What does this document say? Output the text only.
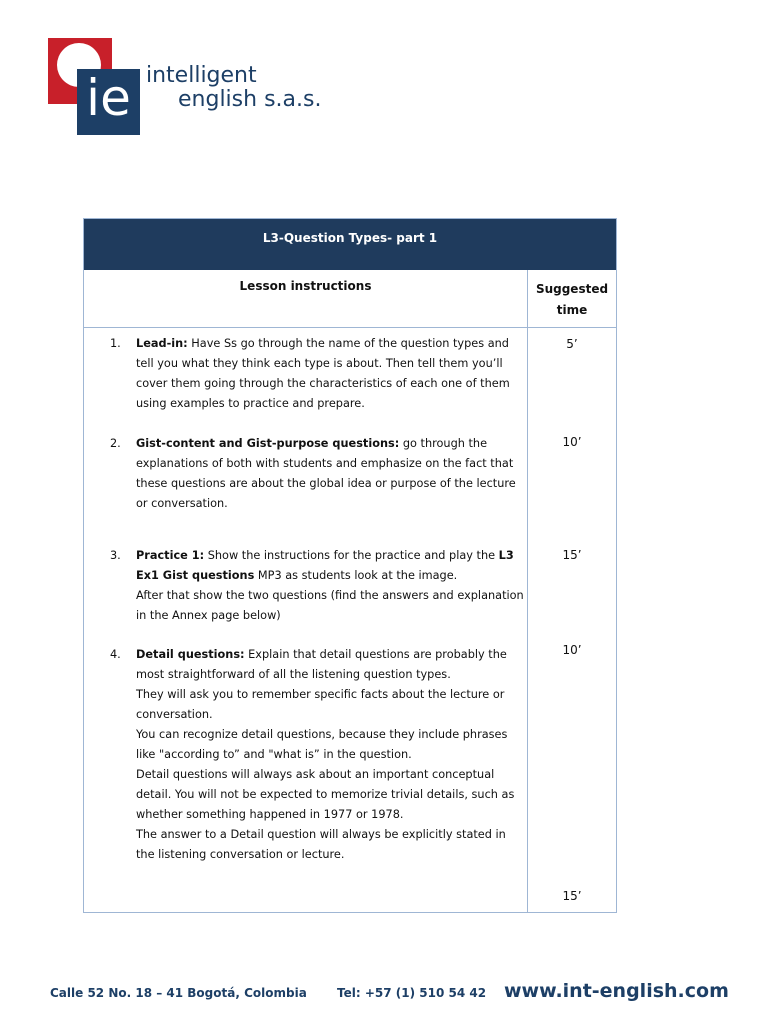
ie intelligent
english s.a.s.
L3-Question Types- part 1
Lesson instructions	Suggested
time
1. Lead-in: Have Ss go through the name of the question types and tell you what they think each type is about. Then tell them you’ll cover them going through the characteristics of each one of them using examples to practice and prepare.
5’
2. Gist-content and Gist-purpose questions: go through the explanations of both with students and emphasize on the fact that these questions are about the global idea or purpose of the lecture or conversation.
10’
3. Practice 1: Show the instructions for the practice and play the L3 Ex1 Gist questions MP3 as students look at the image.
After that show the two questions (find the answers and explanation in the Annex page below)
15’
4. Detail questions: Explain that detail questions are probably the most straightforward of all the listening question types.
They will ask you to remember specific facts about the lecture or conversation.
You can recognize detail questions, because they include phrases like "according to” and "what is” in the question.
Detail questions will always ask about an important conceptual detail. You will not be expected to memorize trivial details, such as whether something happened in 1977 or 1978.
The answer to a Detail question will always be explicitly stated in the listening conversation or lecture.
10’
15’
Calle 52 No. 18 – 41 Bogotá, Colombia	Tel: +57 (1) 510 54 42 www.int-english.com
